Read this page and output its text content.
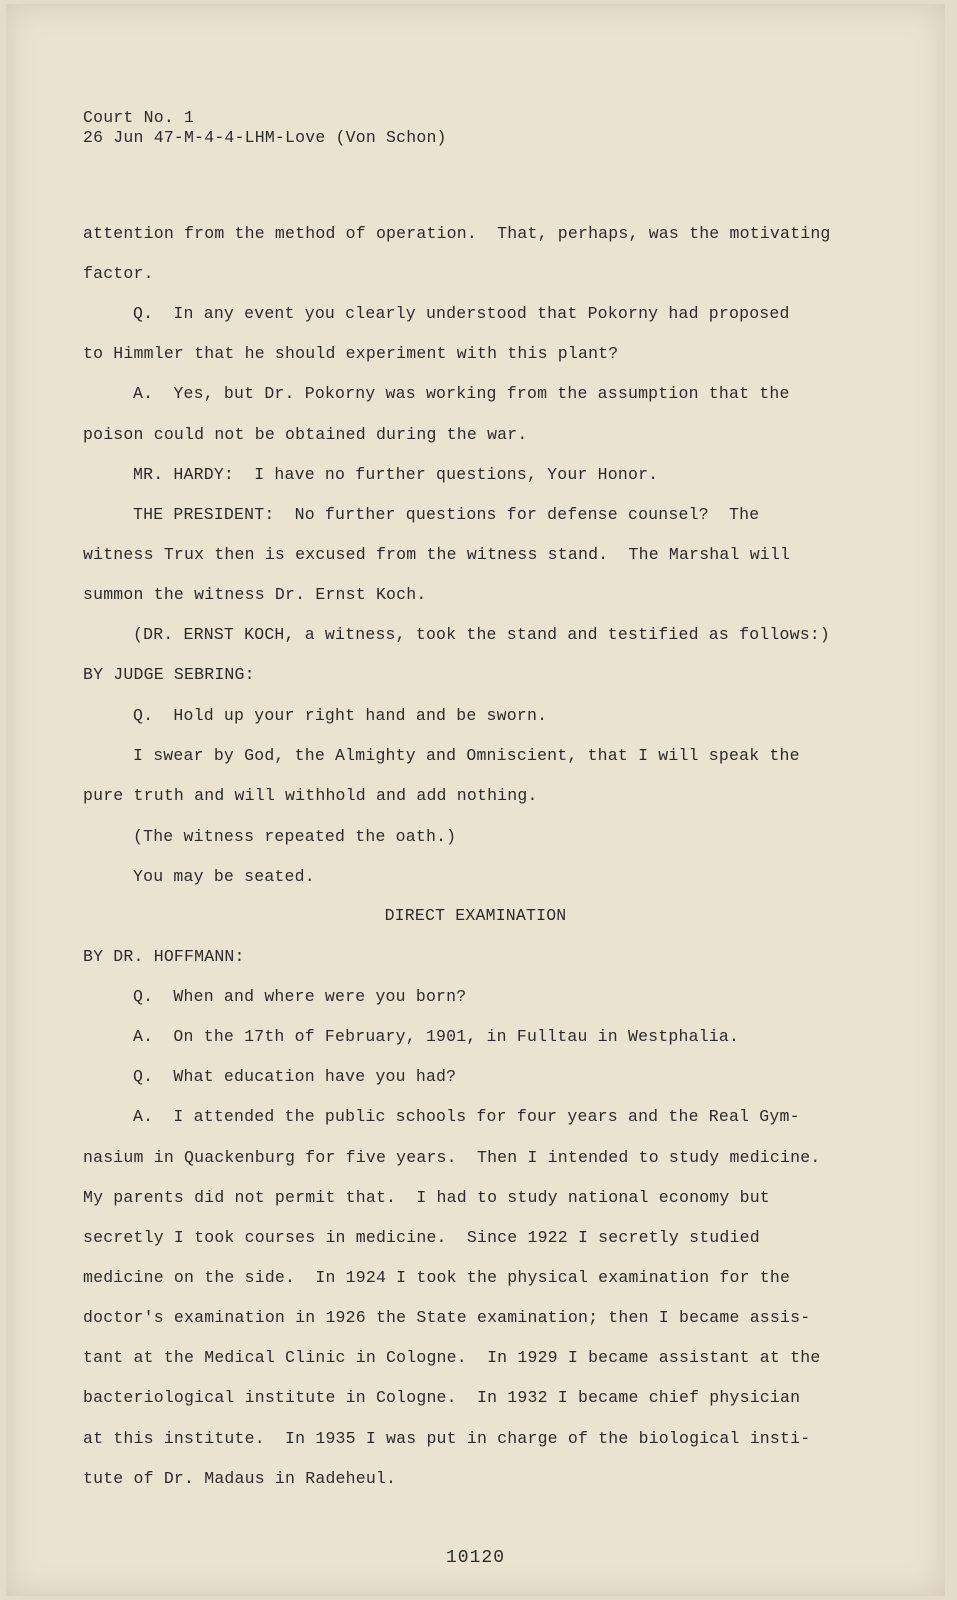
Court No. 1
26 Jun 47-M-4-4-LHM-Love (Von Schon)
attention from the method of operation.  That, perhaps, was the motivating
factor.
Q.  In any event you clearly understood that Pokorny had proposed
to Himmler that he should experiment with this plant?
A.  Yes, but Dr. Pokorny was working from the assumption that the
poison could not be obtained during the war.
MR. HARDY:  I have no further questions, Your Honor.
THE PRESIDENT:  No further questions for defense counsel?  The
witness Trux then is excused from the witness stand.  The Marshal will
summon the witness Dr. Ernst Koch.
(DR. ERNST KOCH, a witness, took the stand and testified as follows:)
BY JUDGE SEBRING:
Q.  Hold up your right hand and be sworn.
I swear by God, the Almighty and Omniscient, that I will speak the
pure truth and will withhold and add nothing.
(The witness repeated the oath.)
You may be seated.
DIRECT EXAMINATION
BY DR. HOFFMANN:
Q.  When and where were you born?
A.  On the 17th of February, 1901, in Fulltau in Westphalia.
Q.  What education have you had?
A.  I attended the public schools for four years and the Real Gym-
nasium in Quackenburg for five years.  Then I intended to study medicine.
My parents did not permit that.  I had to study national economy but
secretly I took courses in medicine.  Since 1922 I secretly studied
medicine on the side.  In 1924 I took the physical examination for the
doctor's examination in 1926 the State examination; then I became assis-
tant at the Medical Clinic in Cologne.  In 1929 I became assistant at the
bacteriological institute in Cologne.  In 1932 I became chief physician
at this institute.  In 1935 I was put in charge of the biological insti-
tute of Dr. Madaus in Radeheul.
10120
